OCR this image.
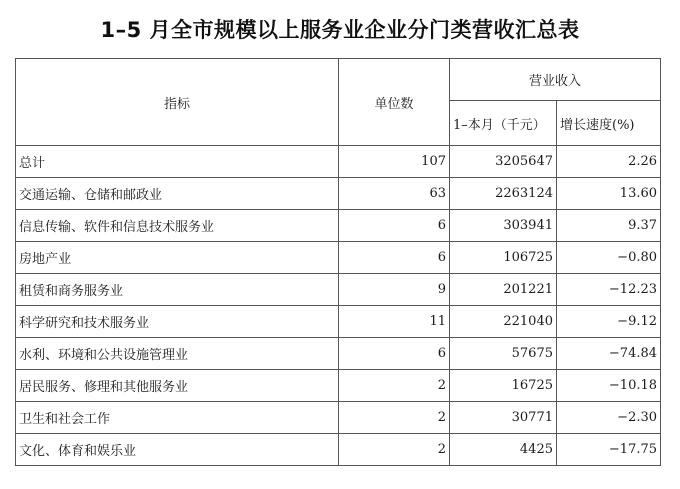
1–5 月全市规模以上服务业企业分门类营收汇总表
指标	单位数	营业收入	
		1–本月（千元）	增长速度(%)
总计	107	3205647	2.26
交通运输、仓储和邮政业	63	2263124	13.60
信息传输、软件和信息技术服务业	6	303941	9.37
房地产业	6	106725	−0.80
租赁和商务服务业	9	201221	−12.23
科学研究和技术服务业	11	221040	−9.12
水利、环境和公共设施管理业	6	57675	−74.84
居民服务、修理和其他服务业	2	16725	−10.18
卫生和社会工作	2	30771	−2.30
文化、体育和娱乐业	2	4425	−17.75
